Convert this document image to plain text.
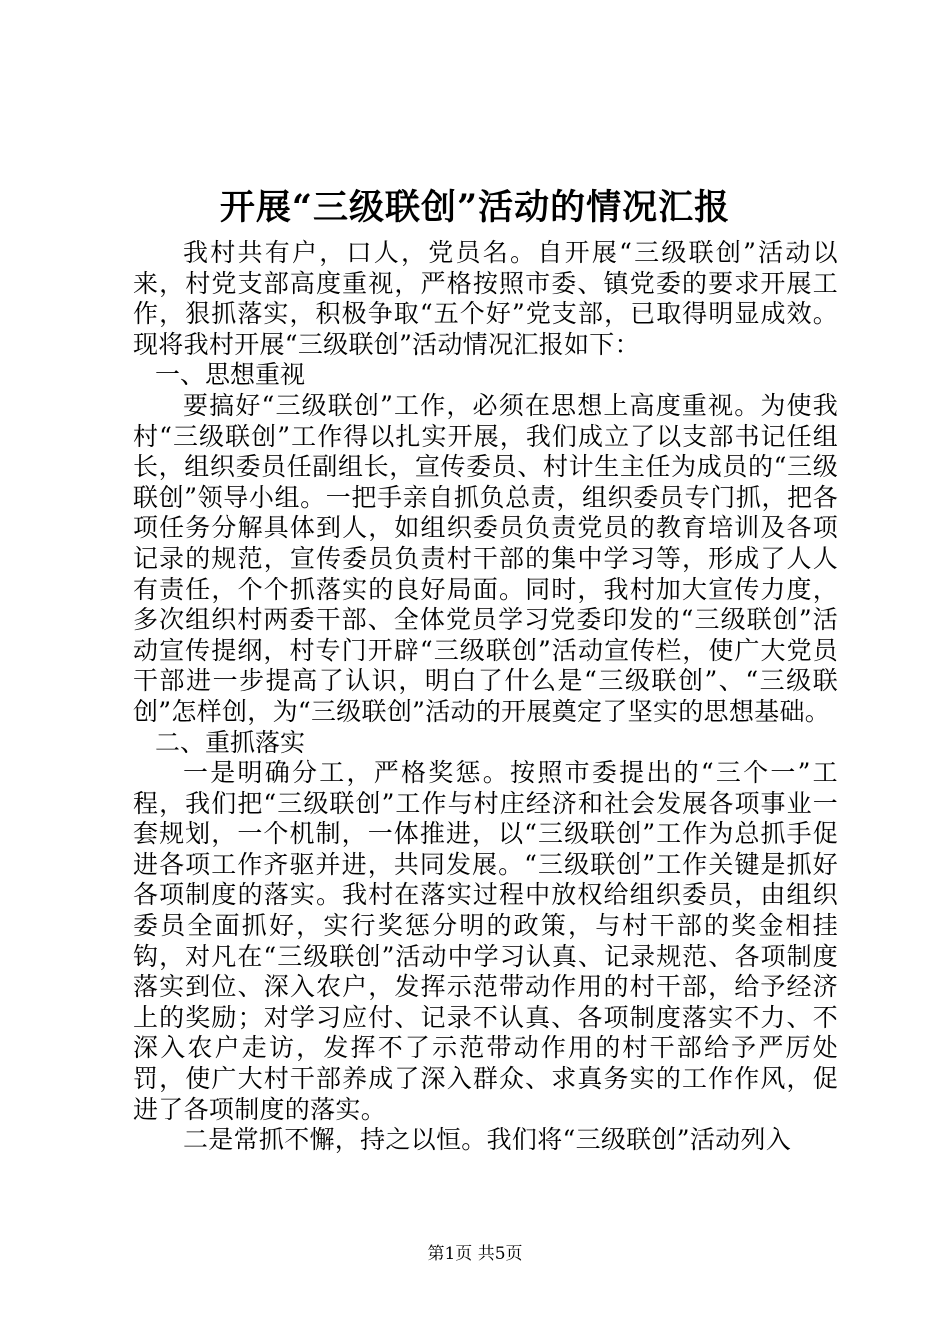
开展“三级联创”活动的情况汇报

我村共有户，口人，党员名。自开展“三级联创”活动以来，村党支部高度重视，严格按照市委、镇党委的要求开展工作，狠抓落实，积极争取“五个好”党支部，已取得明显成效。现将我村开展“三级联创”活动情况汇报如下：

一、思想重视

要搞好“三级联创”工作，必须在思想上高度重视。为使我村“三级联创”工作得以扎实开展，我们成立了以支部书记任组长，组织委员任副组长，宣传委员、村计生主任为成员的“三级联创”领导小组。一把手亲自抓负总责，组织委员专门抓，把各项任务分解具体到人，如组织委员负责党员的教育培训及各项记录的规范，宣传委员负责村干部的集中学习等，形成了人人有责任，个个抓落实的良好局面。同时，我村加大宣传力度，多次组织村两委干部、全体党员学习党委印发的“三级联创”活动宣传提纲，村专门开辟“三级联创”活动宣传栏，使广大党员干部进一步提高了认识，明白了什么是“三级联创”、“三级联创”怎样创，为“三级联创”活动的开展奠定了坚实的思想基础。

二、重抓落实

一是明确分工，严格奖惩。按照市委提出的“三个一”工程，我们把“三级联创”工作与村庄经济和社会发展各项事业一套规划，一个机制，一体推进，以“三级联创”工作为总抓手促进各项工作齐驱并进，共同发展。“三级联创”工作关键是抓好各项制度的落实。我村在落实过程中放权给组织委员，由组织委员全面抓好，实行奖惩分明的政策，与村干部的奖金相挂钩，对凡在“三级联创”活动中学习认真、记录规范、各项制度落实到位、深入农户，发挥示范带动作用的村干部，给予经济上的奖励；对学习应付、记录不认真、各项制度落实不力、不深入农户走访，发挥不了示范带动作用的村干部给予严厉处罚，使广大村干部养成了深入群众、求真务实的工作作风，促进了各项制度的落实。

二是常抓不懈，持之以恒。我们将“三级联创”活动列入

第1页 共5页
